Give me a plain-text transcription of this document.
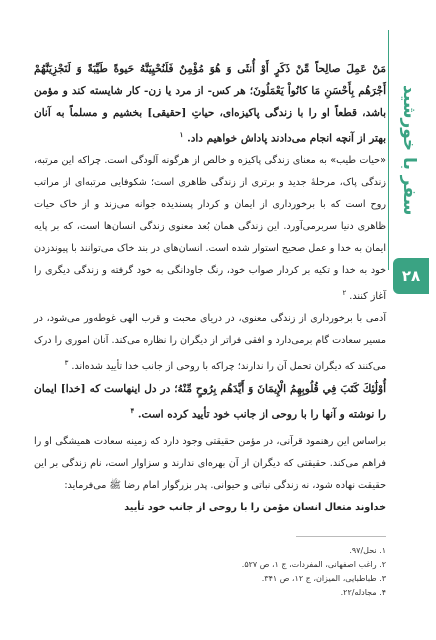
مَنْ عَمِلَ صالِحاً مِّنْ ذَكَرٍ أَوْ أُنثَى وَ هُوَ مُؤْمِنٌ فَلَنُحْيِيَنَّهُ حَيوةً طَيِّبَةً وَ لَنَجْزِيَنَّهُمْ أَجْرَهُم بِأَحْسَنِ مَا كانُواْ يَعْمَلُونَ؛ هر کس- از مرد یا زن- کار شایسته کند و مؤمن باشد، قطعاً او را با زندگی پاکیزه‌ای، حیاتِ [حقیقی] بخشیم و مسلماً به آنان بهتر از آنچه انجام می‌دادند پاداش خواهیم داد. $^۱$

«حیات طیب» به معنای زندگی پاکیزه و خالص از هرگونه آلودگی است. چراکه این مرتبه، زندگی پاک، مرحلهٔ جدید و برتری از زندگی ظاهری است؛ شکوفایی مرتبه‌ای از مراتب روح است که با برخورداری از ایمان و کردار پسندیده جوانه می‌زند و از خاک حیات ظاهری دنیا سربرمی‌آورد. این زندگی همان بُعد معنوی زندگی انسان‌ها است، که بر پایه ایمان به خدا و عمل صحیح استوار شده است. انسان‌های در بند خاک می‌توانند با پیوندزدن خود به خدا و تکیه بر کردار صواب خود، رنگ جاودانگی به خود گرفته و زندگی دیگری را آغاز کنند. $^۲$

آدمی با برخورداری از زندگی معنوی، در دریای محبت و قرب الهی غوطه‌ور می‌شود، در مسیر سعادت گام برمی‌دارد و افقی فراتر از دیگران را نظاره می‌کند. آنان اموری را درک می‌کنند که دیگران تحمل آن را ندارند؛ چراکه با روحی از جانب خدا تأیید شده‌اند. $^۳$

أُوْلَٰئِكَ كَتَبَ فِي قُلُوبِهِمُ الْإِيمَانَ وَ أَيَّدَهُم بِرُوحٍ مِّنْهُ؛ در دل اینهاست که [خدا] ایمان را نوشته و آنها را با روحی از جانب خود تأیید کرده است. $^۴$

براساس این رهنمود قرآنی، در مؤمن حقیقتی وجود دارد که زمینه سعادت همیشگی او را فراهم می‌کند. حقیقتی که دیگران از آن بهره‌ای ندارند و سزاوار است، نام زندگی بر این حقیقت نهاده شود، نه زندگی نباتی و حیوانی. پدر بزرگوار امام رضا ﷺ می‌فرماید:

خداوند متعال انسان مؤمن را با روحی از جانب خود تأیید

۱. نحل/۹۷.

۲. راغب اصفهانی، المفردات، ج ۱، ص ۵۲۷.

۳. طباطبایی، المیزان، ج ۱۲، ص ۳۴۱.

۴. مجادله/۲۲.

سفر با خورشید
۲۸
